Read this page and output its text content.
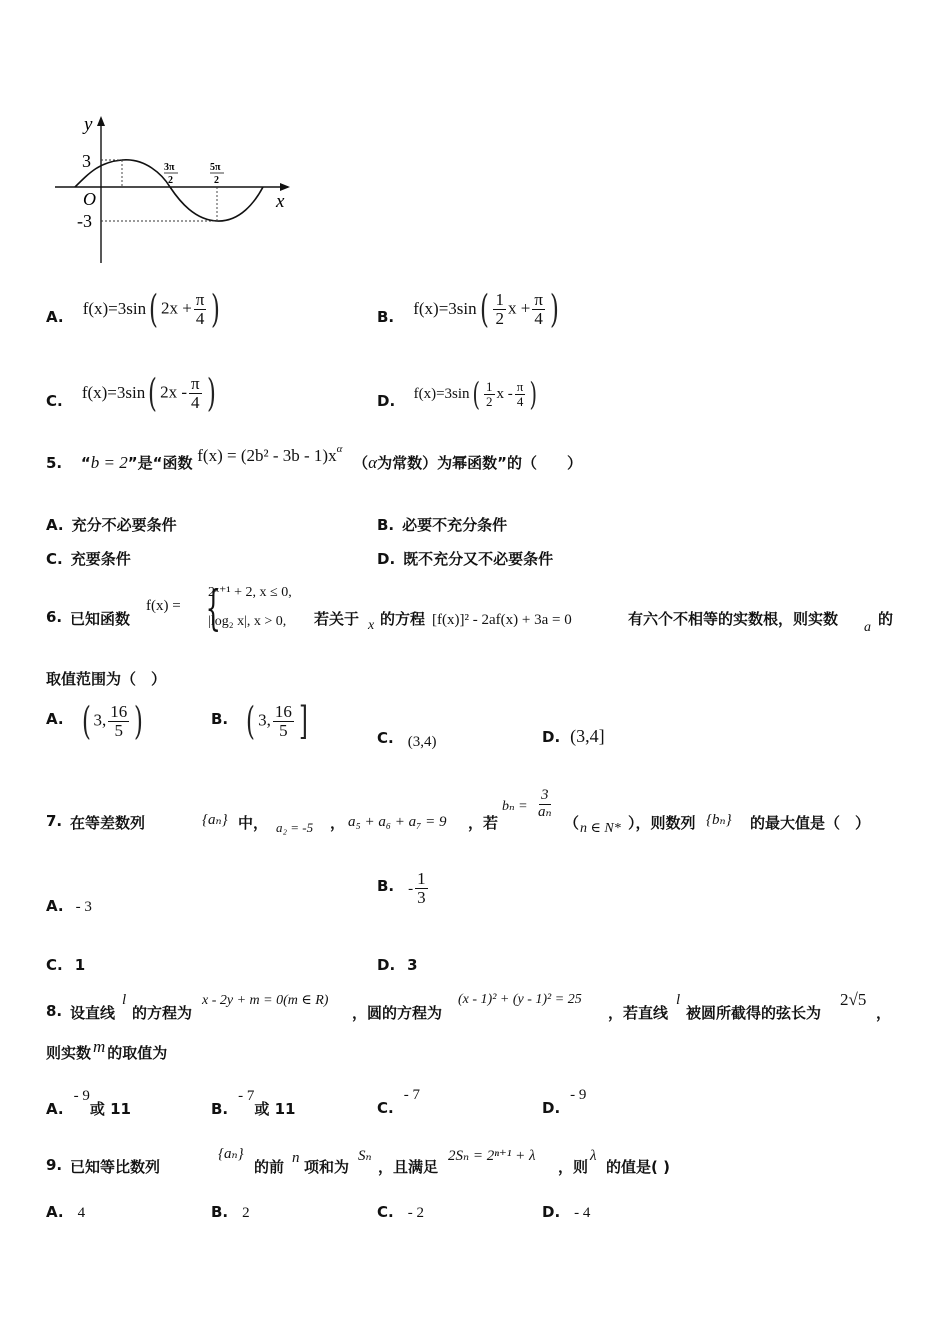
y
x
O
3
-3
3π
2
5π
2
A. f(x)=3sin( $2x + \frac{\pi}{4}$ )	B. $f(x)=3\sin( \frac{1}{2}$ $x + \frac{\pi}{4}$ )
C. f(x)=3sin( $2x - \frac{\pi}{4}$ )	D. $f(x)=3\sin( \frac{1}{2}$ x - $\frac{\pi}{4}$ )
5. “b = 2”是“函数 $f(x) = (2b^2 - 3b - 1)x^\alpha$ （α为常数）为幂函数”的（　　）
A. 充分不必要条件	B. 必要不充分条件
C. 充要条件	D. 既不充分又不必要条件
6. 已知函数
f(x) = {
2ˣ⁺¹ + 2, x ≤ 0,
|log₂ x|, x > 0, 若关于 x 的方程 [f(x)]² - 2af(x) + 3a = 0	有六个不相等的实数根，则实数 a 的
取值范围为（　）
A. ( 3, $\frac{16}{5}$ )	B. ( 3, $\frac{16}{5}$ ]	C. (3,4)	D. (3,4]
7. 在等差数列	{aₙ} 中， a₂ = -5 ， a₅ + a₆ + a₇ = 9 ，若
$b_n = \frac{3}{\text{aₙ}}$
（ n ∈ N* ），则数列 {bₙ} 的最大值是（　）
A. - 3
B. - $\frac{1}{3}$
C. 1	D. 3
8. 设直线
l
的方程为
x - 2y + m = 0(m ∈ R)
，圆的方程为
(x - 1)² + (y - 1)² = 25
，若直线
l
被圆所截得的弦长为
2√5
，
则实数 m 的取值为
A.- 9或 11	B.- 7或 11	C.- 7
D.- 9
9. 已知等比数列
{aₙ}
的前 n 项和为
Sₙ
，且满足
2Sₙ = 2ⁿ⁺¹ + λ
，则
λ
的值是( )
A. 4	B. 2	C. - 2	D. - 4
